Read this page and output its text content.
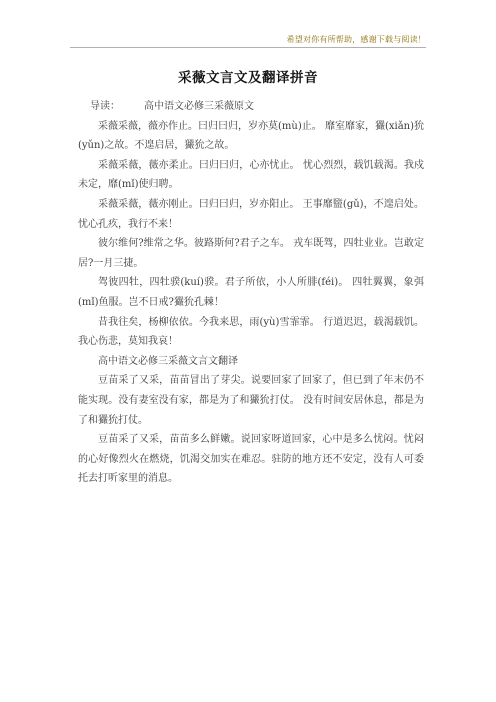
希望对你有所帮助，感谢下载与阅读！
采薇文言文及翻译拼音

导读： 高中语文必修三采薇原文

采薇采薇，薇亦作止。曰归曰归，岁亦莫(mù)止。 靡室靡家，玁(xiǎn)狁(yǔn)之故。不遑启居，玁狁之故。

采薇采薇，薇亦柔止。曰归曰归，心亦忧止。 忧心烈烈，载饥载渴。我戍未定，靡(mǐ)使归聘。

采薇采薇，薇亦刚止。曰归曰归，岁亦阳止。 王事靡盬(gǔ)，不遑启处。忧心孔疚，我行不来！

彼尔维何?维常之华。彼路斯何?君子之车。 戎车既驾，四牡业业。岂敢定居?一月三捷。

驾彼四牡，四牡骙(kuí)骙。君子所依，小人所腓(féi)。 四牡翼翼，象弭(mǐ)鱼服。岂不日戒?玁狁孔棘！

昔我往矣，杨柳依依。今我来思，雨(yù)雪霏霏。 行道迟迟，载渴载饥。我心伤悲，莫知我哀！

高中语文必修三采薇文言文翻译

豆苗采了又采，苗苗冒出了芽尖。说要回家了回家了，但已到了年末仍不能实现。没有妻室没有家，都是为了和玁狁打仗。 没有时间安居休息，都是为了和玁狁打仗。

豆苗采了又采，苗苗多么鲜嫩。说回家呀道回家，心中是多么忧闷。忧闷的心好像烈火在燃烧，饥渴交加实在难忍。驻防的地方还不安定，没有人可委托去打听家里的消息。
